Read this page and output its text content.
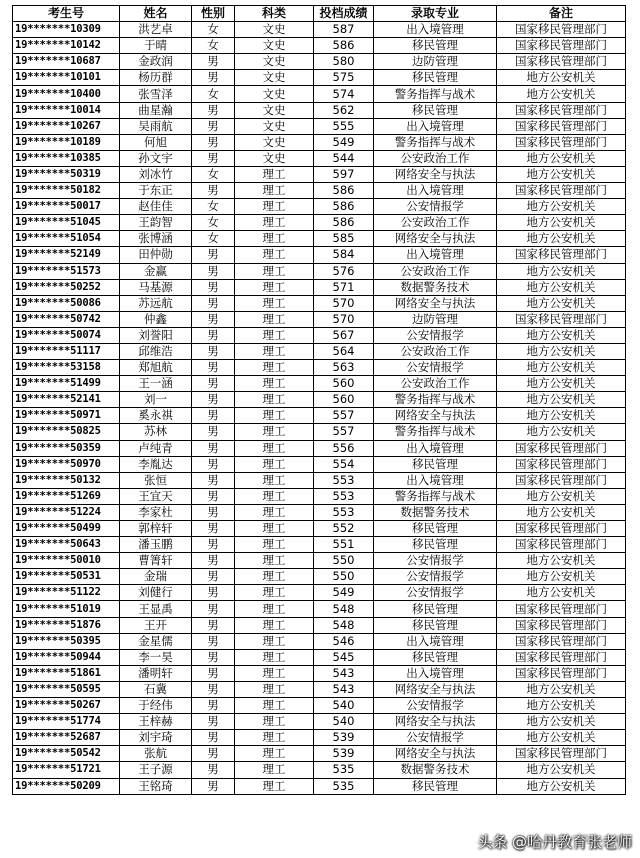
考生号	姓名	性别	科类	投档成绩	录取专业	备注
19*******10309	洪艺卓	女	文史	587	出入境管理	国家移民管理部门
19*******10142	于晴	女	文史	586	移民管理	国家移民管理部门
19*******10687	金政润	男	文史	580	边防管理	国家移民管理部门
19*******10101	杨历群	男	文史	575	移民管理	地方公安机关
19*******10400	张雪泽	女	文史	574	警务指挥与战术	地方公安机关
19*******10014	曲星瀚	男	文史	562	移民管理	国家移民管理部门
19*******10267	吴雨航	男	文史	555	出入境管理	国家移民管理部门
19*******10189	何旭	男	文史	549	警务指挥与战术	国家移民管理部门
19*******10385	孙文宇	男	文史	544	公安政治工作	地方公安机关
19*******50319	刘冰竹	女	理工	597	网络安全与执法	地方公安机关
19*******50182	于东正	男	理工	586	出入境管理	国家移民管理部门
19*******50017	赵佳佳	女	理工	586	公安情报学	地方公安机关
19*******51045	王韵智	女	理工	586	公安政治工作	地方公安机关
19*******51054	张博涵	女	理工	585	网络安全与执法	地方公安机关
19*******52149	田仲勋	男	理工	584	出入境管理	国家移民管理部门
19*******51573	金赢	男	理工	576	公安政治工作	地方公安机关
19*******50252	马基源	男	理工	571	数据警务技术	地方公安机关
19*******50086	苏远航	男	理工	570	网络安全与执法	地方公安机关
19*******50742	仲鑫	男	理工	570	边防管理	国家移民管理部门
19*******50074	刘誉阳	男	理工	567	公安情报学	地方公安机关
19*******51117	邱维浩	男	理工	564	公安政治工作	地方公安机关
19*******53158	郑旭航	男	理工	563	公安情报学	地方公安机关
19*******51499	王一涵	男	理工	560	公安政治工作	地方公安机关
19*******52141	刘一	男	理工	560	警务指挥与战术	地方公安机关
19*******50971	奚永祺	男	理工	557	网络安全与执法	地方公安机关
19*******50825	苏林	男	理工	557	警务指挥与战术	地方公安机关
19*******50359	卢纯青	男	理工	556	出入境管理	国家移民管理部门
19*******50970	李胤达	男	理工	554	移民管理	国家移民管理部门
19*******50132	张恒	男	理工	553	出入境管理	国家移民管理部门
19*******51269	王宜天	男	理工	553	警务指挥与战术	地方公安机关
19*******51224	李家杜	男	理工	553	数据警务技术	地方公安机关
19*******50499	郭梓轩	男	理工	552	移民管理	国家移民管理部门
19*******50643	潘玉鹏	男	理工	551	移民管理	国家移民管理部门
19*******50010	曹箐轩	男	理工	550	公安情报学	地方公安机关
19*******50531	金瑞	男	理工	550	公安情报学	地方公安机关
19*******51122	刘健行	男	理工	549	公安情报学	地方公安机关
19*******51019	王显禹	男	理工	548	移民管理	国家移民管理部门
19*******51876	王开	男	理工	548	移民管理	国家移民管理部门
19*******50395	金星儒	男	理工	546	出入境管理	国家移民管理部门
19*******50944	李一昊	男	理工	545	移民管理	国家移民管理部门
19*******51861	潘明轩	男	理工	543	出入境管理	国家移民管理部门
19*******50595	石冀	男	理工	543	网络安全与执法	地方公安机关
19*******50267	于经伟	男	理工	540	公安情报学	地方公安机关
19*******51774	王梓赫	男	理工	540	网络安全与执法	地方公安机关
19*******52687	刘宇琦	男	理工	539	公安情报学	地方公安机关
19*******50542	张航	男	理工	539	网络安全与执法	国家移民管理部门
19*******51721	王子源	男	理工	535	数据警务技术	地方公安机关
19*******50209	王铭琦	男	理工	535	移民管理	地方公安机关
头条 @哈丹教育张老师
